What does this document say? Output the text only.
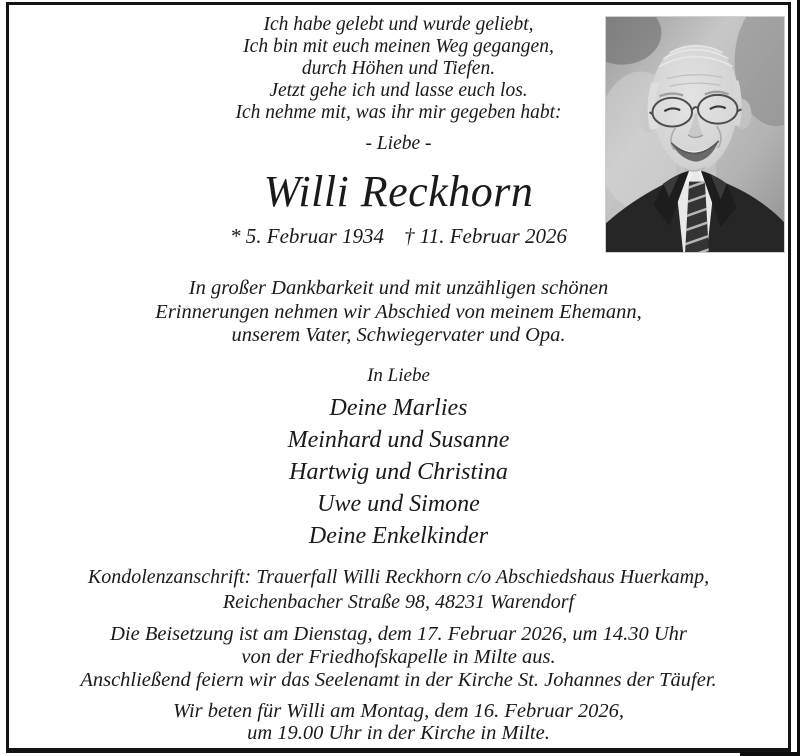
Ich habe gelebt und wurde geliebt,
Ich bin mit euch meinen Weg gegangen,
durch Höhen und Tiefen.
Jetzt gehe ich und lasse euch los.
Ich nehme mit, was ihr mir gegeben habt:
- Liebe -
Willi Reckhorn
* 5. Februar 1934 † 11. Februar 2026
In großer Dankbarkeit und mit unzähligen schönen
Erinnerungen nehmen wir Abschied von meinem Ehemann,
unserem Vater, Schwiegervater und Opa.
In Liebe
Deine Marlies
Meinhard und Susanne
Hartwig und Christina
Uwe und Simone
Deine Enkelkinder
Kondolenzanschrift: Trauerfall Willi Reckhorn c/o Abschiedshaus Huerkamp,
Reichenbacher Straße 98, 48231 Warendorf
Die Beisetzung ist am Dienstag, dem 17. Februar 2026, um 14.30 Uhr
von der Friedhofskapelle in Milte aus.
Anschließend feiern wir das Seelenamt in der Kirche St. Johannes der Täufer.
Wir beten für Willi am Montag, dem 16. Februar 2026,
um 19.00 Uhr in der Kirche in Milte.
